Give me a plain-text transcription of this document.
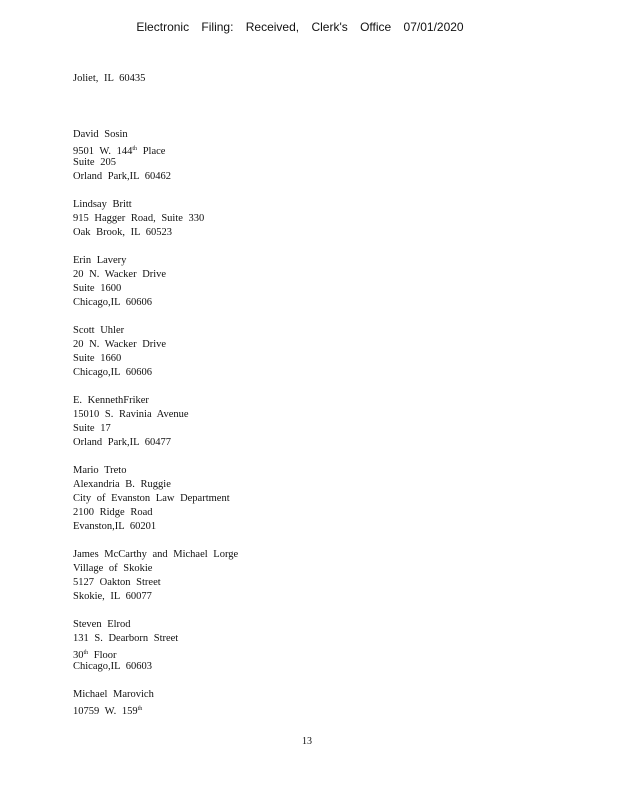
Electronic Filing: Received, Clerk's Office 07/01/2020
Joliet, IL 60435
David Sosin
9501 W. 144th Place
Suite 205
Orland Park,IL 60462
Lindsay Britt
915 Hagger Road, Suite 330
Oak Brook, IL 60523
Erin Lavery
20 N. Wacker Drive
Suite 1600
Chicago,IL 60606
Scott Uhler
20 N. Wacker Drive
Suite 1660
Chicago,IL 60606
E. KennethFriker
15010 S. Ravinia Avenue
Suite 17
Orland Park,IL 60477
Mario Treto
Alexandria B. Ruggie
City of Evanston Law Department
2100 Ridge Road
Evanston,IL 60201
James McCarthy and Michael Lorge
Village of Skokie
5127 Oakton Street
Skokie, IL 60077
Steven Elrod
131 S. Dearborn Street
30th Floor
Chicago,IL 60603
Michael Marovich
10759 W. 159th
13
